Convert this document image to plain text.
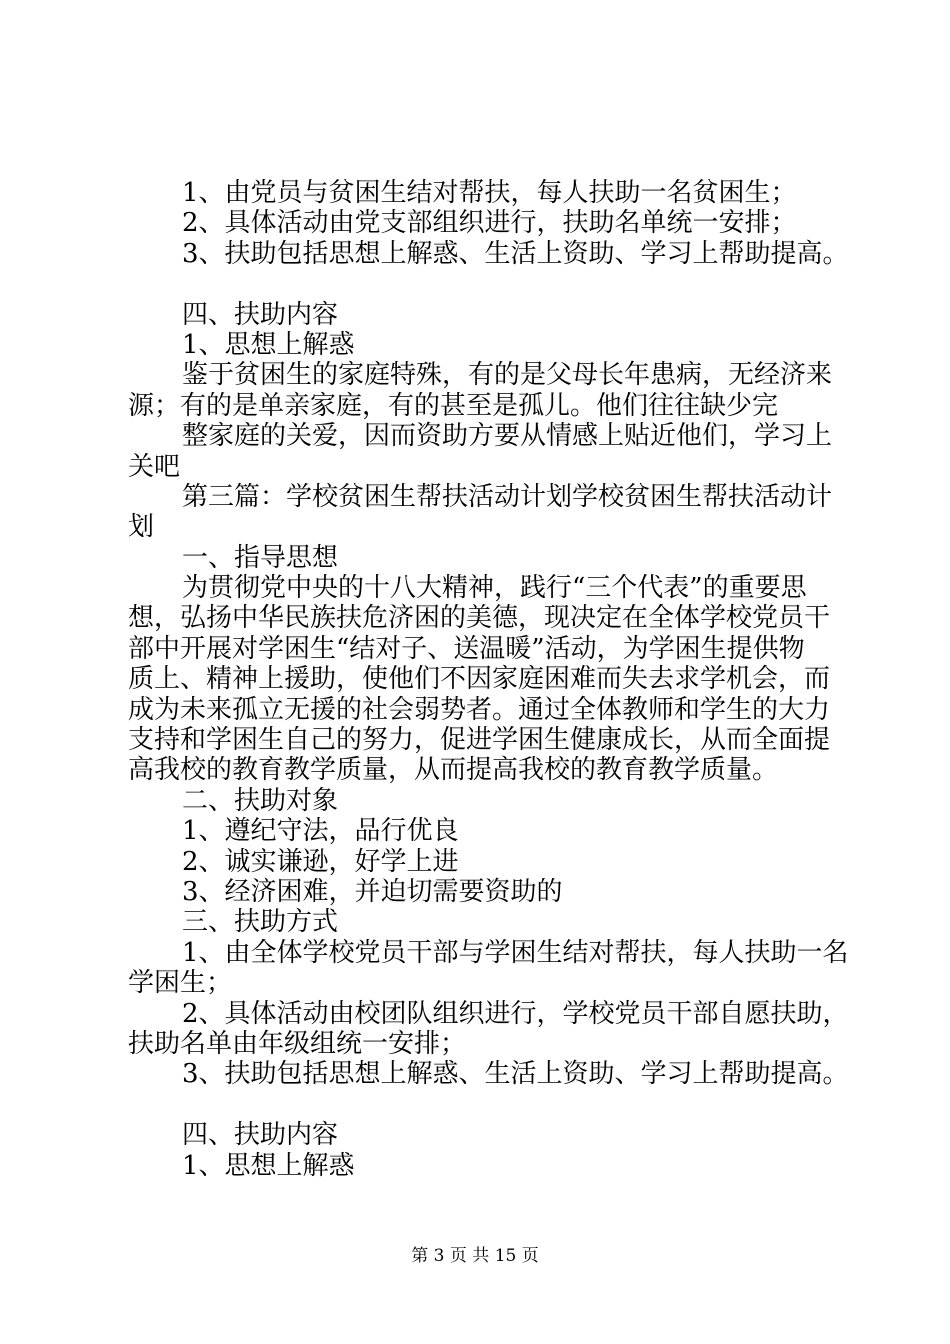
1、由党员与贫困生结对帮扶，每人扶助一名贫困生；

2、具体活动由党支部组织进行，扶助名单统一安排；

3、扶助包括思想上解惑、生活上资助、学习上帮助提高。

四、扶助内容

1、思想上解惑

鉴于贫困生的家庭特殊，有的是父母长年患病，无经济来

源；有的是单亲家庭，有的甚至是孤儿。他们往往缺少完

整家庭的关爱，因而资助方要从情感上贴近他们，学习上

关吧

第三篇：学校贫困生帮扶活动计划学校贫困生帮扶活动计

划

一、指导思想

为贯彻党中央的十八大精神，践行“三个代表”的重要思

想，弘扬中华民族扶危济困的美德，现决定在全体学校党员干

部中开展对学困生“结对子、送温暖”活动，为学困生提供物

质上、精神上援助，使他们不因家庭困难而失去求学机会，而

成为未来孤立无援的社会弱势者。通过全体教师和学生的大力

支持和学困生自己的努力，促进学困生健康成长，从而全面提

高我校的教育教学质量，从而提高我校的教育教学质量。

二、扶助对象

1、遵纪守法，品行优良

2、诚实谦逊，好学上进

3、经济困难，并迫切需要资助的

三、扶助方式

1、由全体学校党员干部与学困生结对帮扶，每人扶助一名

学困生；

2、具体活动由校团队组织进行，学校党员干部自愿扶助，

扶助名单由年级组统一安排；

3、扶助包括思想上解惑、生活上资助、学习上帮助提高。

四、扶助内容

1、思想上解惑

第 3 页 共 15 页
